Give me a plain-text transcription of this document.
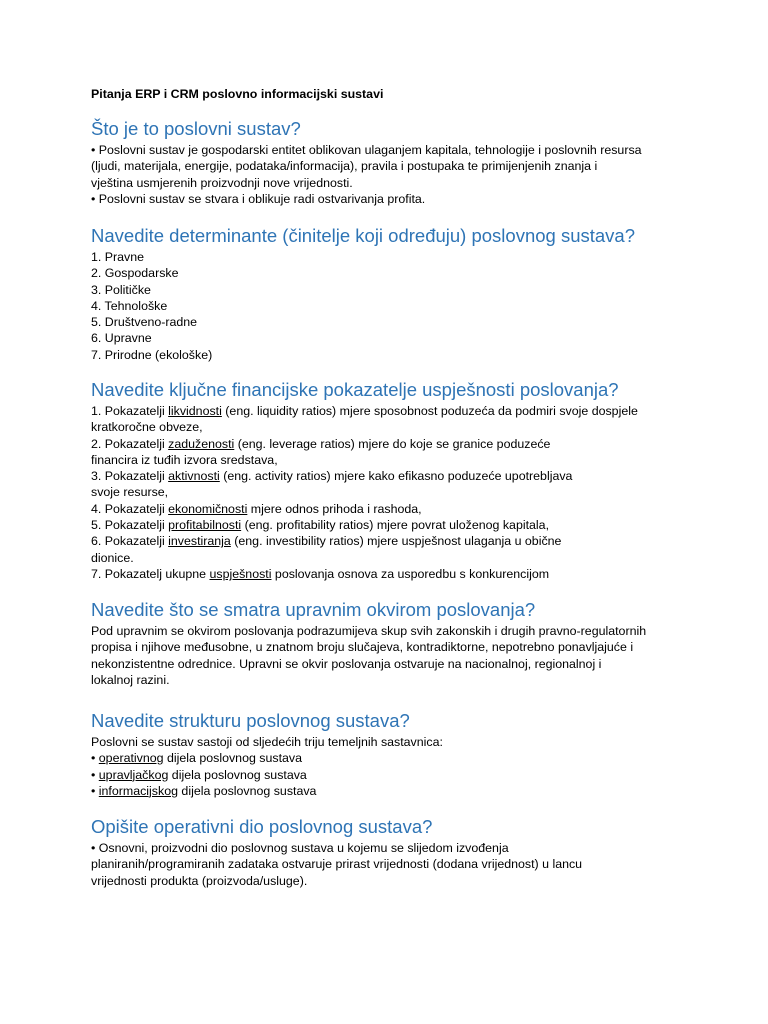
Pitanja ERP i CRM poslovno informacijski sustavi
Što je to poslovni sustav?
• Poslovni sustav je gospodarski entitet oblikovan ulaganjem kapitala, tehnologije i poslovnih resursa
(ljudi, materijala, energije, podataka/informacija), pravila i postupaka te primijenjenih znanja i
vještina usmjerenih proizvodnji nove vrijednosti.
• Poslovni sustav se stvara i oblikuje radi ostvarivanja profita.
Navedite determinante (činitelje koji određuju) poslovnog sustava?
1. Pravne
2. Gospodarske
3. Političke
4. Tehnološke
5. Društveno-radne
6. Upravne
7. Prirodne (ekološke)
Navedite ključne financijske pokazatelje uspješnosti poslovanja?
1. Pokazatelji likvidnosti (eng. liquidity ratios) mjere sposobnost poduzeća da podmiri svoje dospjele
kratkoročne obveze,
2. Pokazatelji zaduženosti (eng. leverage ratios) mjere do koje se granice poduzeće
financira iz tuđih izvora sredstava,
3. Pokazatelji aktivnosti (eng. activity ratios) mjere kako efikasno poduzeće upotrebljava
svoje resurse,
4. Pokazatelji ekonomičnosti mjere odnos prihoda i rashoda,
5. Pokazatelji profitabilnosti (eng. profitability ratios) mjere povrat uloženog kapitala,
6. Pokazatelji investiranja (eng. investibility ratios) mjere uspješnost ulaganja u obične
dionice.
7. Pokazatelj ukupne uspješnosti poslovanja osnova za usporedbu s konkurencijom
Navedite što se smatra upravnim okvirom poslovanja?
Pod upravnim se okvirom poslovanja podrazumijeva skup svih zakonskih i drugih pravno-regulatornih
propisa i njihove međusobne, u znatnom broju slučajeva, kontradiktorne, nepotrebno ponavljajuće i
nekonzistentne odrednice. Upravni se okvir poslovanja ostvaruje na nacionalnoj, regionalnoj i
lokalnoj razini.
Navedite strukturu poslovnog sustava?
Poslovni se sustav sastoji od sljedećih triju temeljnih sastavnica:
• operativnog dijela poslovnog sustava
• upravljačkog dijela poslovnog sustava
• informacijskog dijela poslovnog sustava
Opišite operativni dio poslovnog sustava?
• Osnovni, proizvodni dio poslovnog sustava u kojemu se slijedom izvođenja
planiranih/programiranih zadataka ostvaruje prirast vrijednosti (dodana vrijednost) u lancu
vrijednosti produkta (proizvoda/usluge).
